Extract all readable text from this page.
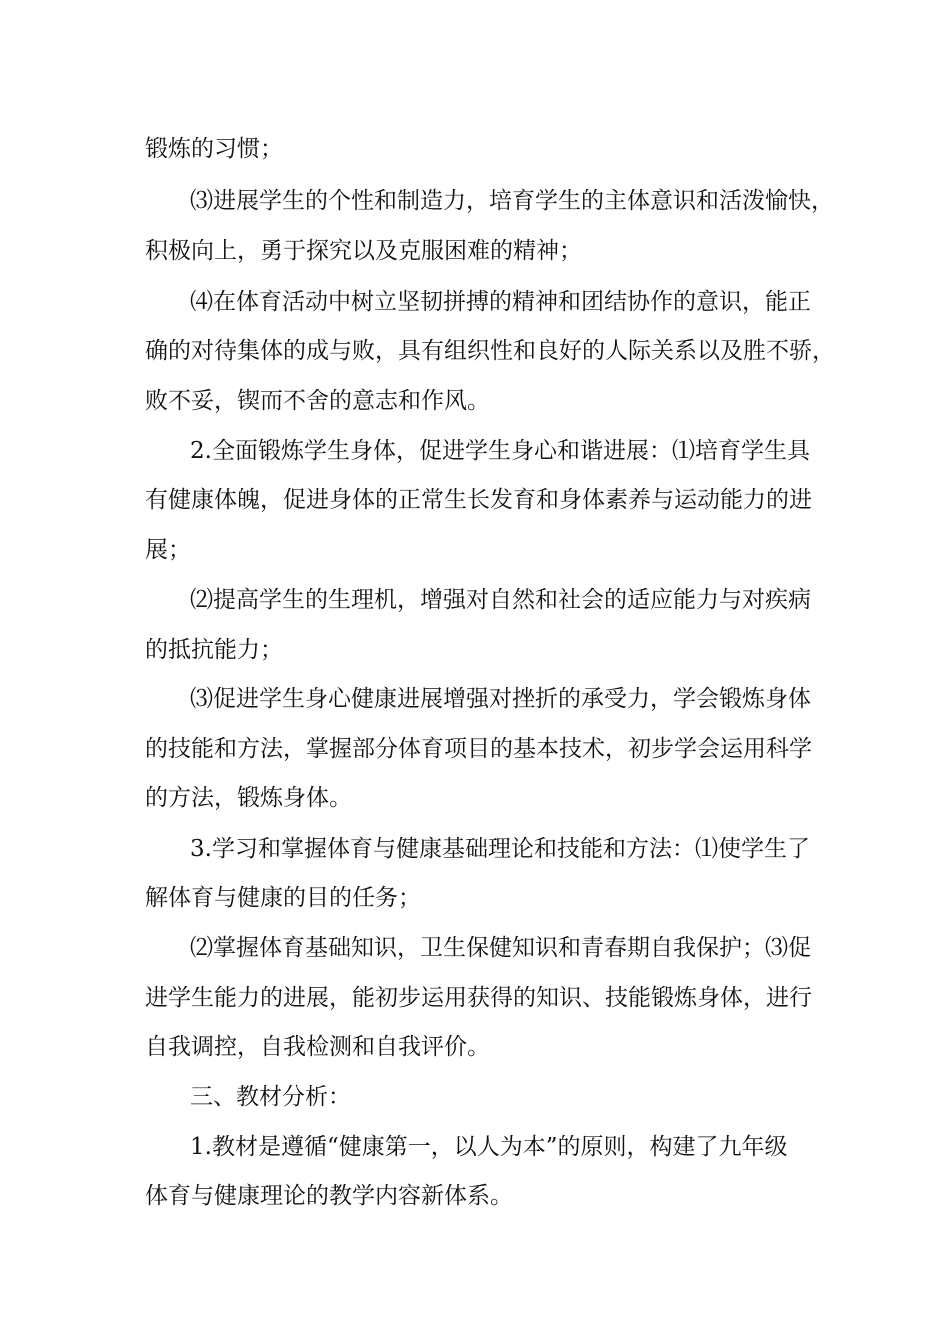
锻炼的习惯；

⑶进展学生的个性和制造力，培育学生的主体意识和活泼愉快，

积极向上，勇于探究以及克服困难的精神；

⑷在体育活动中树立坚韧拼搏的精神和团结协作的意识，能正

确的对待集体的成与败，具有组织性和良好的人际关系以及胜不骄，

败不妥，锲而不舍的意志和作风。

2.全面锻炼学生身体，促进学生身心和谐进展：⑴培育学生具

有健康体魄，促进身体的正常生长发育和身体素养与运动能力的进

展；

⑵提高学生的生理机，增强对自然和社会的适应能力与对疾病

的抵抗能力；

⑶促进学生身心健康进展增强对挫折的承受力，学会锻炼身体

的技能和方法，掌握部分体育项目的基本技术，初步学会运用科学

的方法，锻炼身体。

3.学习和掌握体育与健康基础理论和技能和方法：⑴使学生了

解体育与健康的目的任务；

⑵掌握体育基础知识，卫生保健知识和青春期自我保护；⑶促

进学生能力的进展，能初步运用获得的知识、技能锻炼身体，进行

自我调控，自我检测和自我评价。

三、教材分析：

1.教材是遵循“健康第一，以人为本”的原则，构建了九年级

体育与健康理论的教学内容新体系。
